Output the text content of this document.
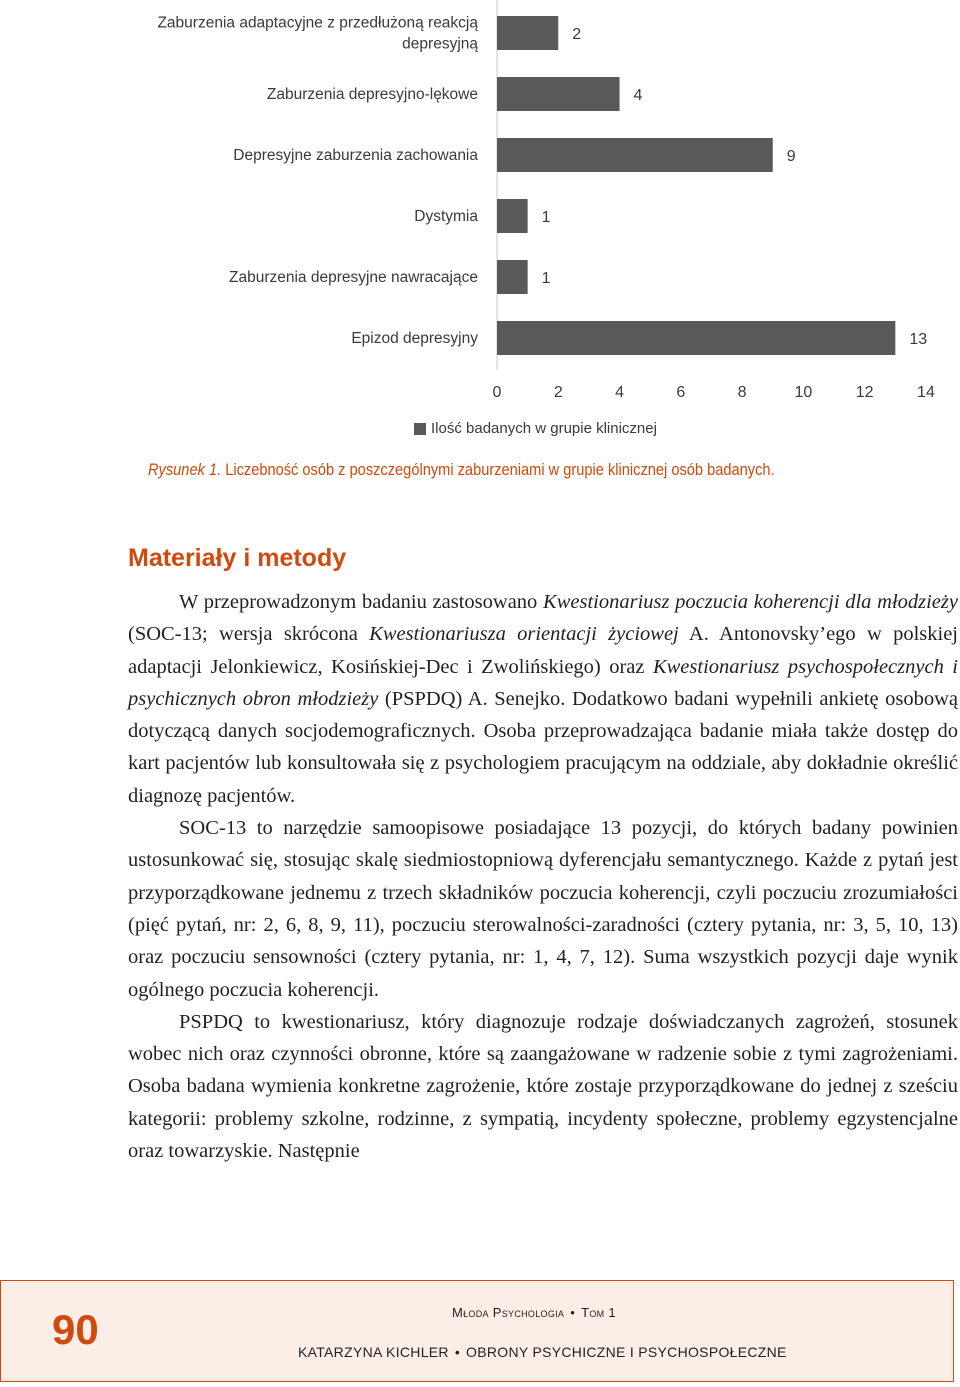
2
Zaburzenia adaptacyjne z przedłużoną reakcją
depresyjną
4
Zaburzenia depresyjno-lękowe
9
Depresyjne zaburzenia zachowania
1
Dystymia
1
Zaburzenia depresyjne nawracające
13
Epizod depresyjny
0	2	4	6	8	10	12	14
Ilość badanych w grupie klinicznej
Rysunek 1. Liczebność osób z poszczególnymi zaburzeniami w grupie klinicznej osób badanych.
Materiały i metody

W przeprowadzonym badaniu zastosowano Kwestionariusz poczucia koherencji dla młodzieży (SOC-13; wersja skrócona Kwestionariusza orientacji życiowej A. Antonovsky’ego w polskiej adaptacji Jelonkiewicz, Kosińskiej-Dec i Zwolińskiego) oraz Kwestionariusz psychospołecznych i psychicznych obron młodzieży (PSPDQ) A. Senejko. Dodatkowo badani wypełnili ankietę osobową dotyczącą danych socjodemograficznych. Osoba przeprowadzająca badanie miała także dostęp do kart pacjentów lub konsultowała się z psychologiem pracującym na oddziale, aby dokładnie określić diagnozę pacjentów.

SOC-13 to narzędzie samoopisowe posiadające 13 pozycji, do których badany powinien ustosunkować się, stosując skalę siedmiostopniową dyferencjału semantycznego. Każde z pytań jest przyporządkowane jednemu z trzech składników poczucia koherencji, czyli poczuciu zrozumiałości (pięć pytań, nr: 2, 6, 8, 9, 11), poczuciu sterowalności-zaradności (cztery pytania, nr: 3, 5, 10, 13) oraz poczuciu sensowności (cztery pytania, nr: 1, 4, 7, 12). Suma wszystkich pozycji daje wynik ogólnego poczucia koherencji.

PSPDQ to kwestionariusz, który diagnozuje rodzaje doświadczanych zagrożeń, stosunek wobec nich oraz czynności obronne, które są zaangażowane w radzenie sobie z tymi zagrożeniami. Osoba badana wymienia konkretne zagrożenie, które zostaje przyporządkowane do jednej z sześciu kategorii: problemy szkolne, rodzinne, z sympatią, incydenty społeczne, problemy egzystencjalne oraz towarzyskie. Następnie

90	Młoda Psychologia • Tom 1
KATARZYNA KICHLER • OBRONY PSYCHICZNE I PSYCHOSPOŁECZNE
